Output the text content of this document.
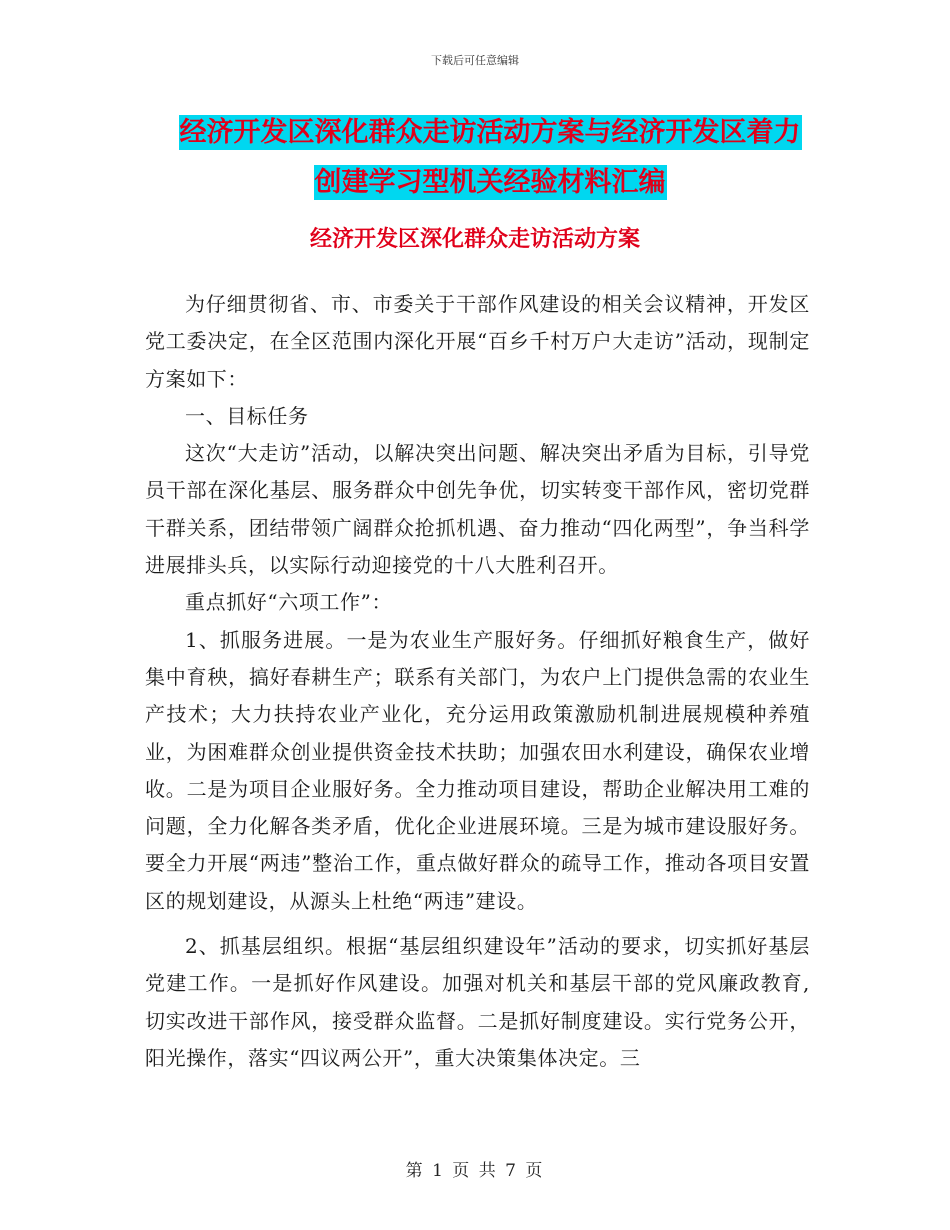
下载后可任意编辑
经济开发区深化群众走访活动方案与经济开发区着力
创建学习型机关经验材料汇编
经济开发区深化群众走访活动方案

为仔细贯彻省、市、市委关于干部作风建设的相关会议精神，开发区党工委决定，在全区范围内深化开展“百乡千村万户大走访”活动，现制定方案如下：

一、目标任务

这次“大走访”活动，以解决突出问题、解决突出矛盾为目标，引导党员干部在深化基层、服务群众中创先争优，切实转变干部作风，密切党群干群关系，团结带领广阔群众抢抓机遇、奋力推动“四化两型”，争当科学进展排头兵，以实际行动迎接党的十八大胜利召开。

重点抓好“六项工作”：

1、抓服务进展。一是为农业生产服好务。仔细抓好粮食生产，做好集中育秧，搞好春耕生产；联系有关部门，为农户上门提供急需的农业生产技术；大力扶持农业产业化，充分运用政策激励机制进展规模种养殖业，为困难群众创业提供资金技术扶助；加强农田水利建设，确保农业增收。二是为项目企业服好务。全力推动项目建设，帮助企业解决用工难的问题，全力化解各类矛盾，优化企业进展环境。三是为城市建设服好务。要全力开展“两违”整治工作，重点做好群众的疏导工作，推动各项目安置区的规划建设，从源头上杜绝“两违”建设。

2、抓基层组织。根据“基层组织建设年”活动的要求，切实抓好基层党建工作。一是抓好作风建设。加强对机关和基层干部的党风廉政教育,切实改进干部作风，接受群众监督。二是抓好制度建设。实行党务公开，阳光操作，落实“四议两公开”，重大决策集体决定。三

第 1 页 共 7 页
